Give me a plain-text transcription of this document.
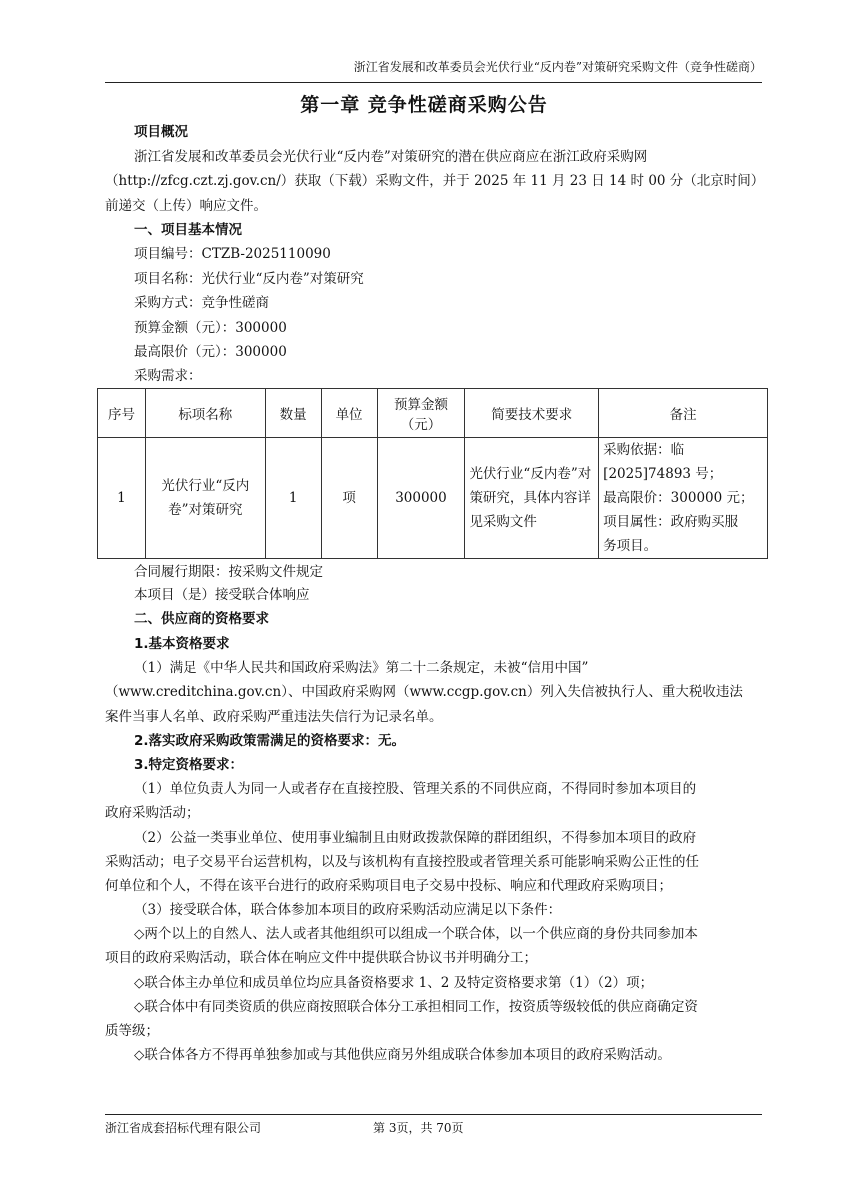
浙江省发展和改革委员会光伏行业“反内卷”对策研究采购文件（竞争性磋商）
第一章 竞争性磋商采购公告
项目概况
浙江省发展和改革委员会光伏行业“反内卷”对策研究的潜在供应商应在浙江政府采购网
（http://zfcg.czt.zj.gov.cn/）获取（下载）采购文件，并于 2025 年 11 月 23 日 14 时 00 分（北京时间）
前递交（上传）响应文件。
一、项目基本情况
项目编号：CTZB-2025110090
项目名称：光伏行业“反内卷”对策研究
采购方式：竞争性磋商
预算金额（元）：300000
最高限价（元）：300000
采购需求：
序号	标项名称	数量	单位	预算金额（元）	简要技术要求	备注
1	光伏行业“反内卷”对策研究	1	项	300000	光伏行业“反内卷”对策研究，具体内容详见采购文件	采购依据：临
[2025]74893 号；
最高限价：300000 元；
项目属性：政府购买服
务项目。
合同履行期限：按采购文件规定
本项目（是）接受联合体响应
二、供应商的资格要求
1.基本资格要求
（1）满足《中华人民共和国政府采购法》第二十二条规定，未被“信用中国”
（www.creditchina.gov.cn）、中国政府采购网（www.ccgp.gov.cn）列入失信被执行人、重大税收违法
案件当事人名单、政府采购严重违法失信行为记录名单。
2.落实政府采购政策需满足的资格要求：无。
3.特定资格要求：
（1）单位负责人为同一人或者存在直接控股、管理关系的不同供应商，不得同时参加本项目的
政府采购活动；
（2）公益一类事业单位、使用事业编制且由财政拨款保障的群团组织，不得参加本项目的政府
采购活动；电子交易平台运营机构，以及与该机构有直接控股或者管理关系可能影响采购公正性的任
何单位和个人，不得在该平台进行的政府采购项目电子交易中投标、响应和代理政府采购项目；
（3）接受联合体，联合体参加本项目的政府采购活动应满足以下条件：
◇两个以上的自然人、法人或者其他组织可以组成一个联合体，以一个供应商的身份共同参加本
项目的政府采购活动，联合体在响应文件中提供联合协议书并明确分工；
◇联合体主办单位和成员单位均应具备资格要求 1、2 及特定资格要求第（1）（2）项；
◇联合体中有同类资质的供应商按照联合体分工承担相同工作，按资质等级较低的供应商确定资
质等级；
◇联合体各方不得再单独参加或与其他供应商另外组成联合体参加本项目的政府采购活动。
浙江省成套招标代理有限公司	第 3页，共 70页
